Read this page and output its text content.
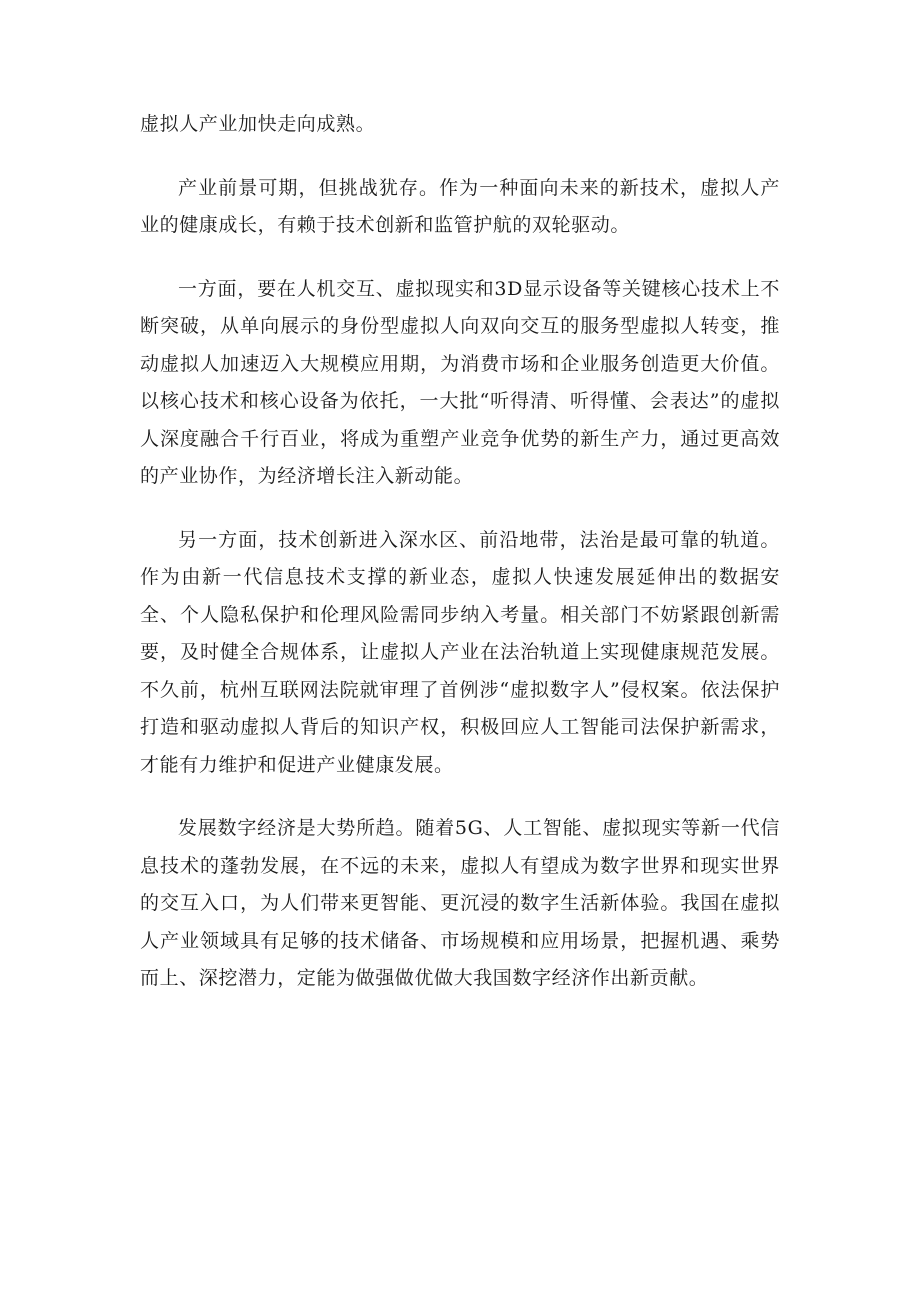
虚拟人产业加快走向成熟。

产业前景可期，但挑战犹存。作为一种面向未来的新技术，虚拟人产业的健康成长，有赖于技术创新和监管护航的双轮驱动。

一方面，要在人机交互、虚拟现实和3D显示设备等关键核心技术上不断突破，从单向展示的身份型虚拟人向双向交互的服务型虚拟人转变，推动虚拟人加速迈入大规模应用期，为消费市场和企业服务创造更大价值。以核心技术和核心设备为依托，一大批“听得清、听得懂、会表达”的虚拟人深度融合千行百业，将成为重塑产业竞争优势的新生产力，通过更高效的产业协作，为经济增长注入新动能。

另一方面，技术创新进入深水区、前沿地带，法治是最可靠的轨道。作为由新一代信息技术支撑的新业态，虚拟人快速发展延伸出的数据安全、个人隐私保护和伦理风险需同步纳入考量。相关部门不妨紧跟创新需要，及时健全合规体系，让虚拟人产业在法治轨道上实现健康规范发展。不久前，杭州互联网法院就审理了首例涉“虚拟数字人”侵权案。依法保护打造和驱动虚拟人背后的知识产权，积极回应人工智能司法保护新需求，才能有力维护和促进产业健康发展。

发展数字经济是大势所趋。随着5G、人工智能、虚拟现实等新一代信息技术的蓬勃发展，在不远的未来，虚拟人有望成为数字世界和现实世界的交互入口，为人们带来更智能、更沉浸的数字生活新体验。我国在虚拟人产业领域具有足够的技术储备、市场规模和应用场景，把握机遇、乘势而上、深挖潜力，定能为做强做优做大我国数字经济作出新贡献。
